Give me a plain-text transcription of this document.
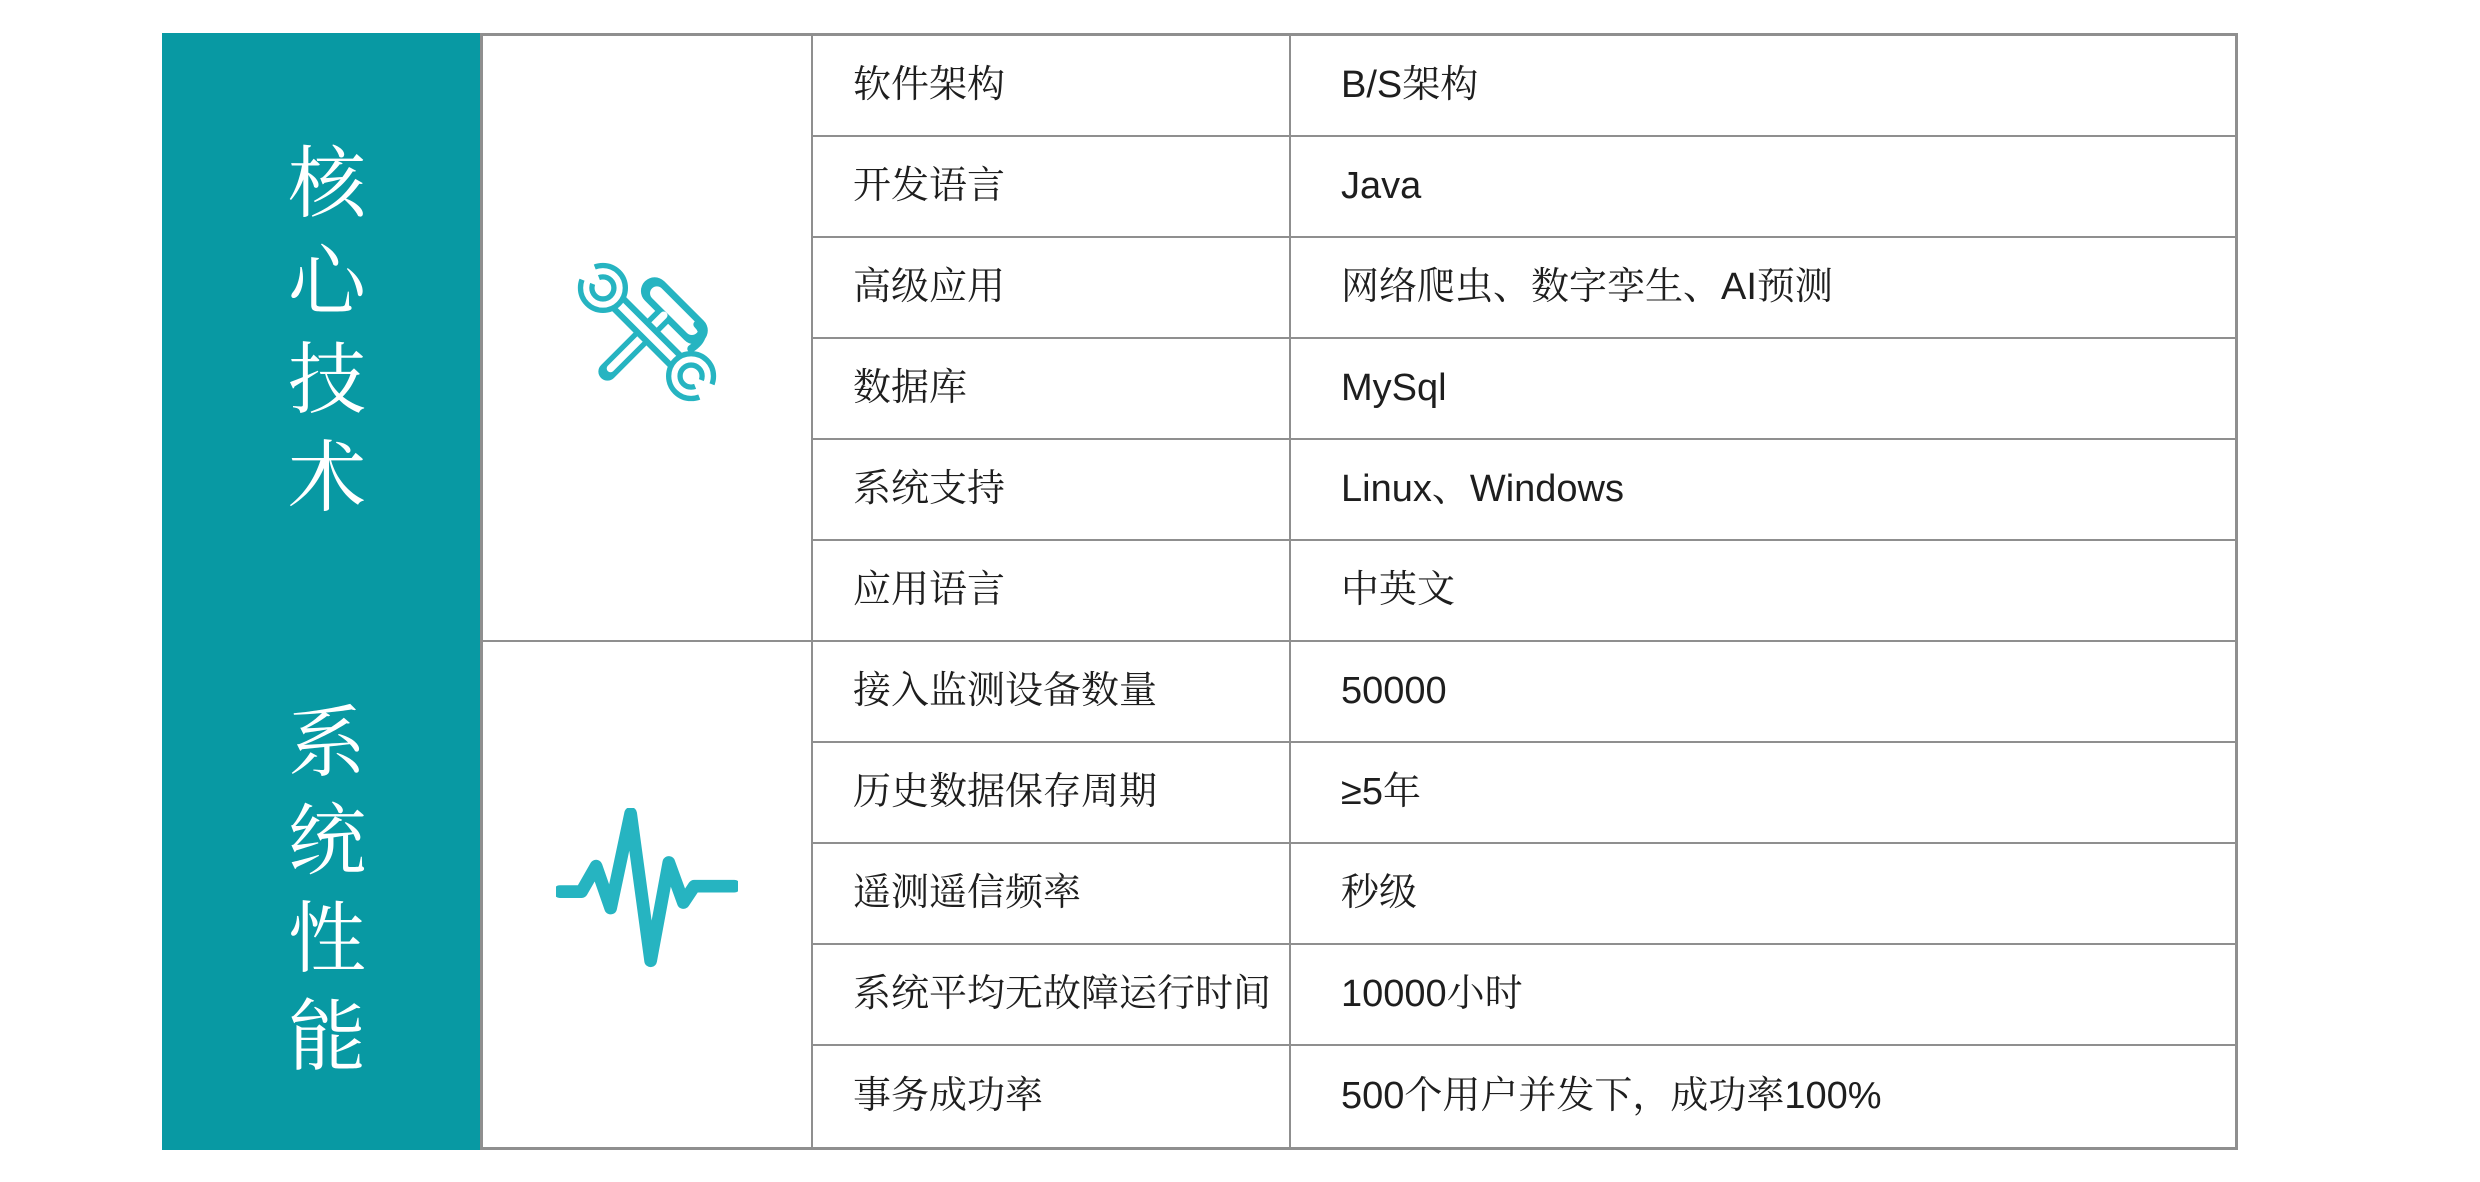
核心技术
系统性能
软件架构	B/S架构
开发语言	Java
高级应用	网络爬虫、数字孪生、AI预测
数据库	MySql
系统支持	Linux、Windows
应用语言	中英文
接入监测设备数量	50000
历史数据保存周期	≥5年
遥测遥信频率	秒级
系统平均无故障运行时间	10000小时
事务成功率	500个用户并发下，成功率100%
